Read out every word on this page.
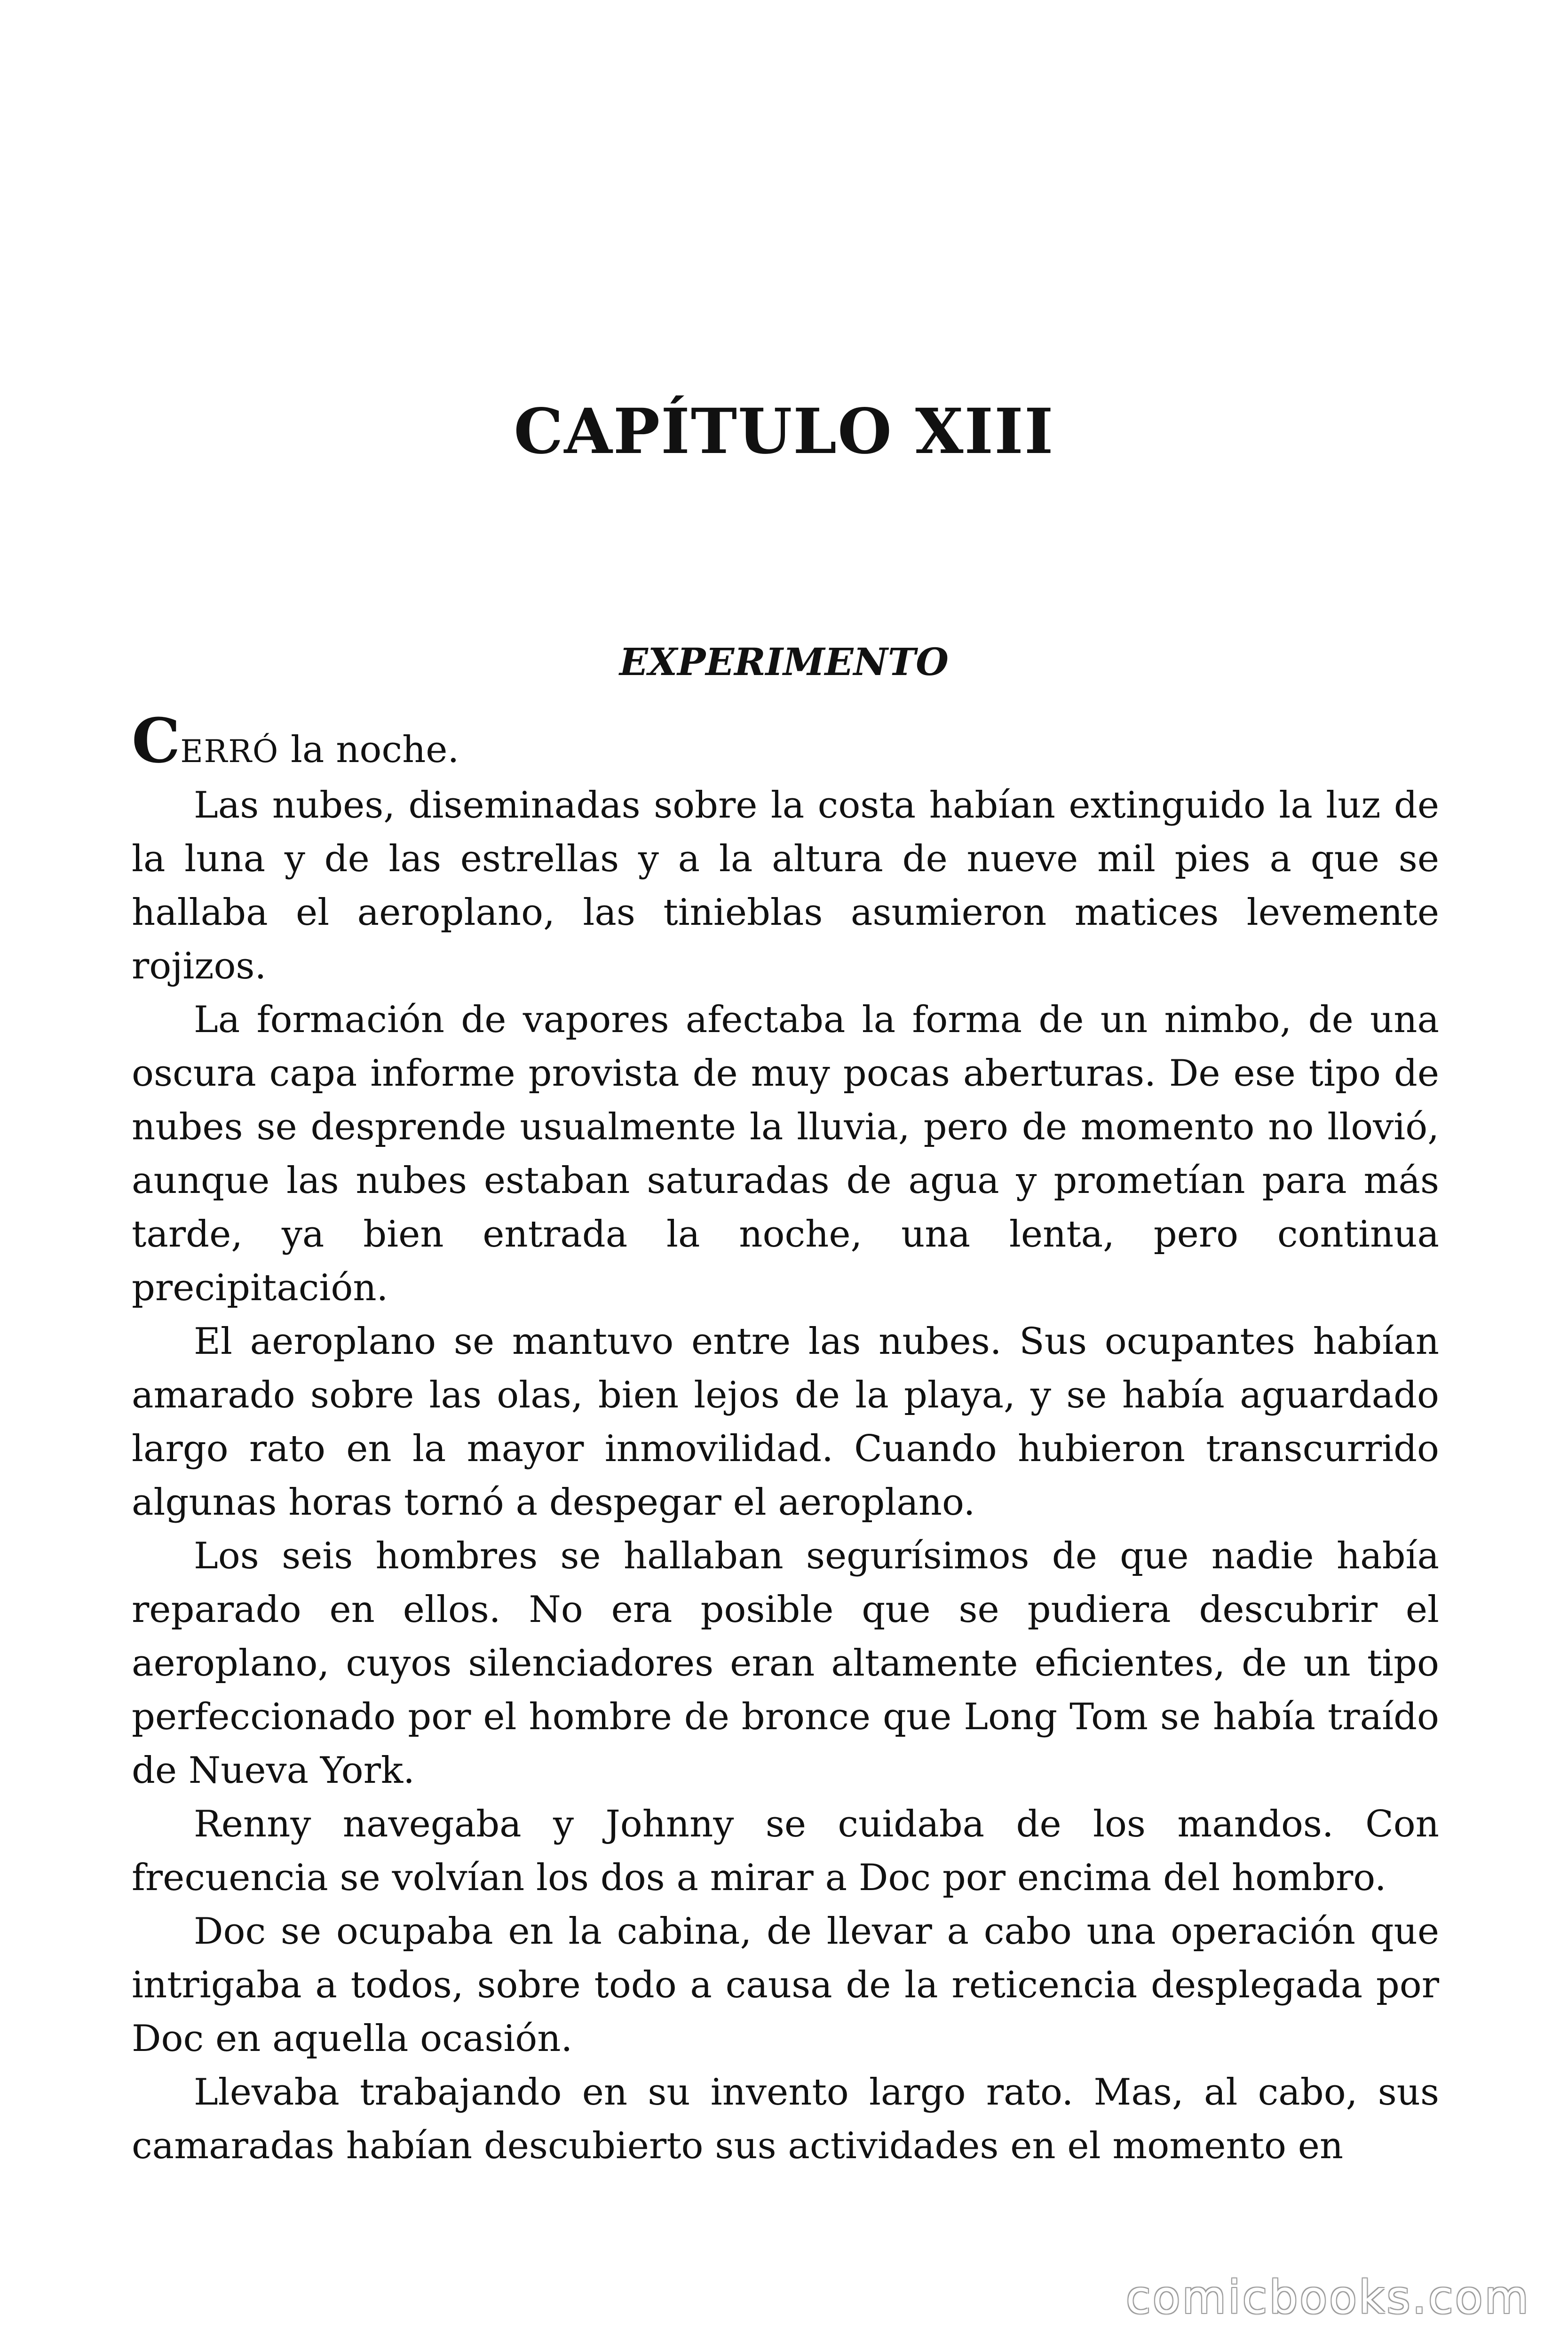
CAPÍTULO XIII
EXPERIMENTO

CERRÓ la noche.

Las nubes, diseminadas sobre la costa habían extinguido la luz de la luna y de las estrellas y a la altura de nueve mil pies a que se hallaba el aeroplano, las tinieblas asumieron matices levemente rojizos.

La formación de vapores afectaba la forma de un nimbo, de una oscura capa informe provista de muy pocas aberturas. De ese tipo de nubes se desprende usualmente la lluvia, pero de momento no llovió, aunque las nubes estaban saturadas de agua y prometían para más tarde, ya bien entrada la noche, una lenta, pero continua precipitación.

El aeroplano se mantuvo entre las nubes. Sus ocupantes habían amarado sobre las olas, bien lejos de la playa, y se había aguardado largo rato en la mayor inmovilidad. Cuando hubieron transcurrido algunas horas tornó a despegar el aeroplano.

Los seis hombres se hallaban segurísimos de que nadie había reparado en ellos. No era posible que se pudiera descubrir el aeroplano, cuyos silenciadores eran altamente eficientes, de un tipo perfeccionado por el hombre de bronce que Long Tom se había traído de Nueva York.

Renny navegaba y Johnny se cuidaba de los mandos. Con frecuencia se volvían los dos a mirar a Doc por encima del hombro.

Doc se ocupaba en la cabina, de llevar a cabo una operación que intrigaba a todos, sobre todo a causa de la reticencia desplegada por Doc en aquella ocasión.

Llevaba trabajando en su invento largo rato. Mas, al cabo, sus camaradas habían descubierto sus actividades en el momento en

comicbooks.com
